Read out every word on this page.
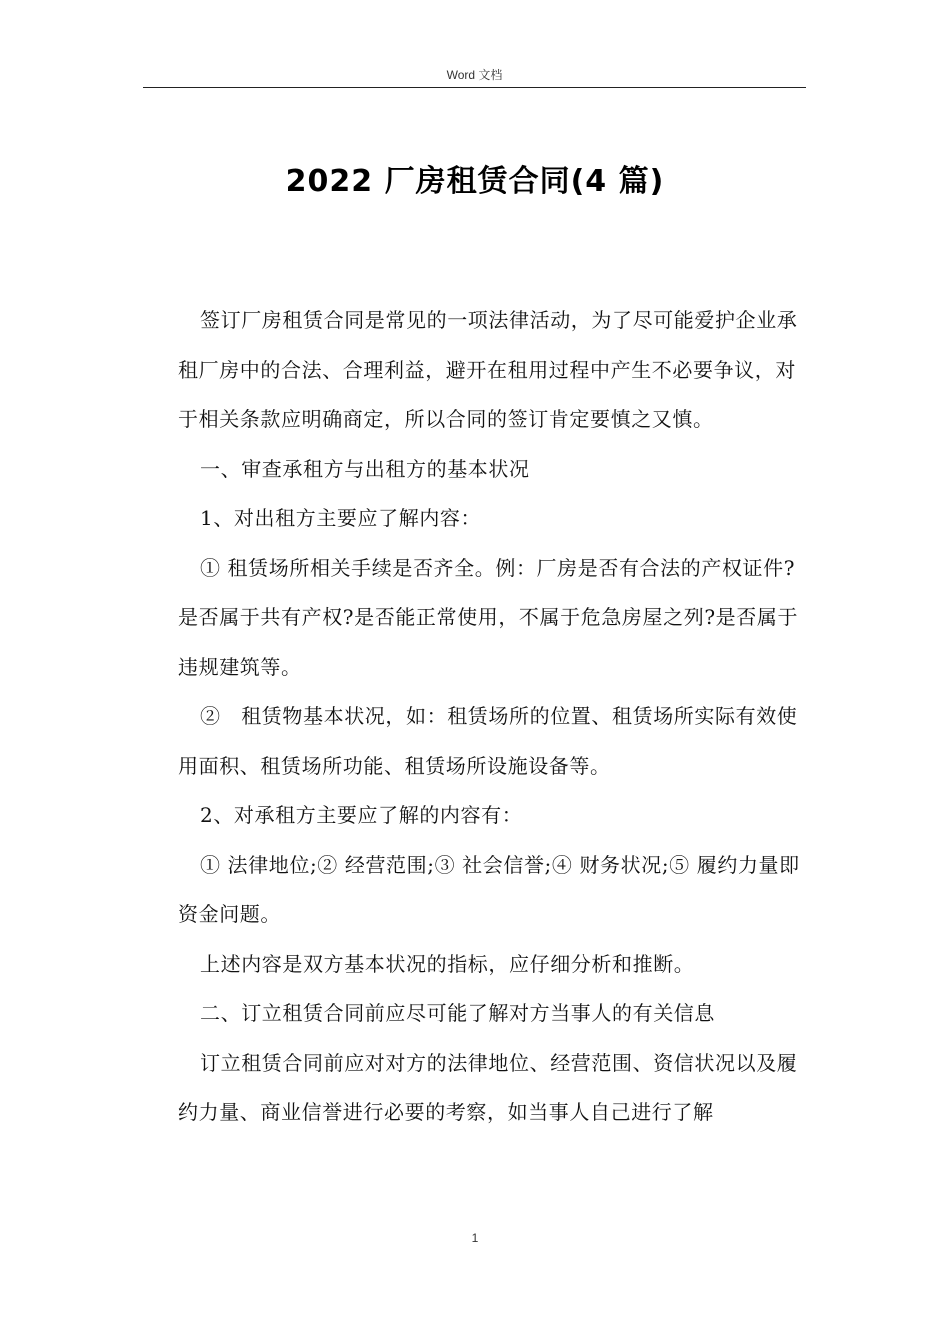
Word 文档
2022 厂房租赁合同(4 篇)

签订厂房租赁合同是常见的一项法律活动，为了尽可能爱护企业承租厂房中的合法、合理利益，避开在租用过程中产生不必要争议，对于相关条款应明确商定，所以合同的签订肯定要慎之又慎。

一、审查承租方与出租方的基本状况

1、对出租方主要应了解内容：

① 租赁场所相关手续是否齐全。例：厂房是否有合法的产权证件?是否属于共有产权?是否能正常使用，不属于危急房屋之列?是否属于违规建筑等。

②　租赁物基本状况，如：租赁场所的位置、租赁场所实际有效使用面积、租赁场所功能、租赁场所设施设备等。

2、对承租方主要应了解的内容有：

① 法律地位;② 经营范围;③ 社会信誉;④ 财务状况;⑤ 履约力量即资金问题。

上述内容是双方基本状况的指标，应仔细分析和推断。

二、订立租赁合同前应尽可能了解对方当事人的有关信息

订立租赁合同前应对对方的法律地位、经营范围、资信状况以及履约力量、商业信誉进行必要的考察，如当事人自己进行了解

1
